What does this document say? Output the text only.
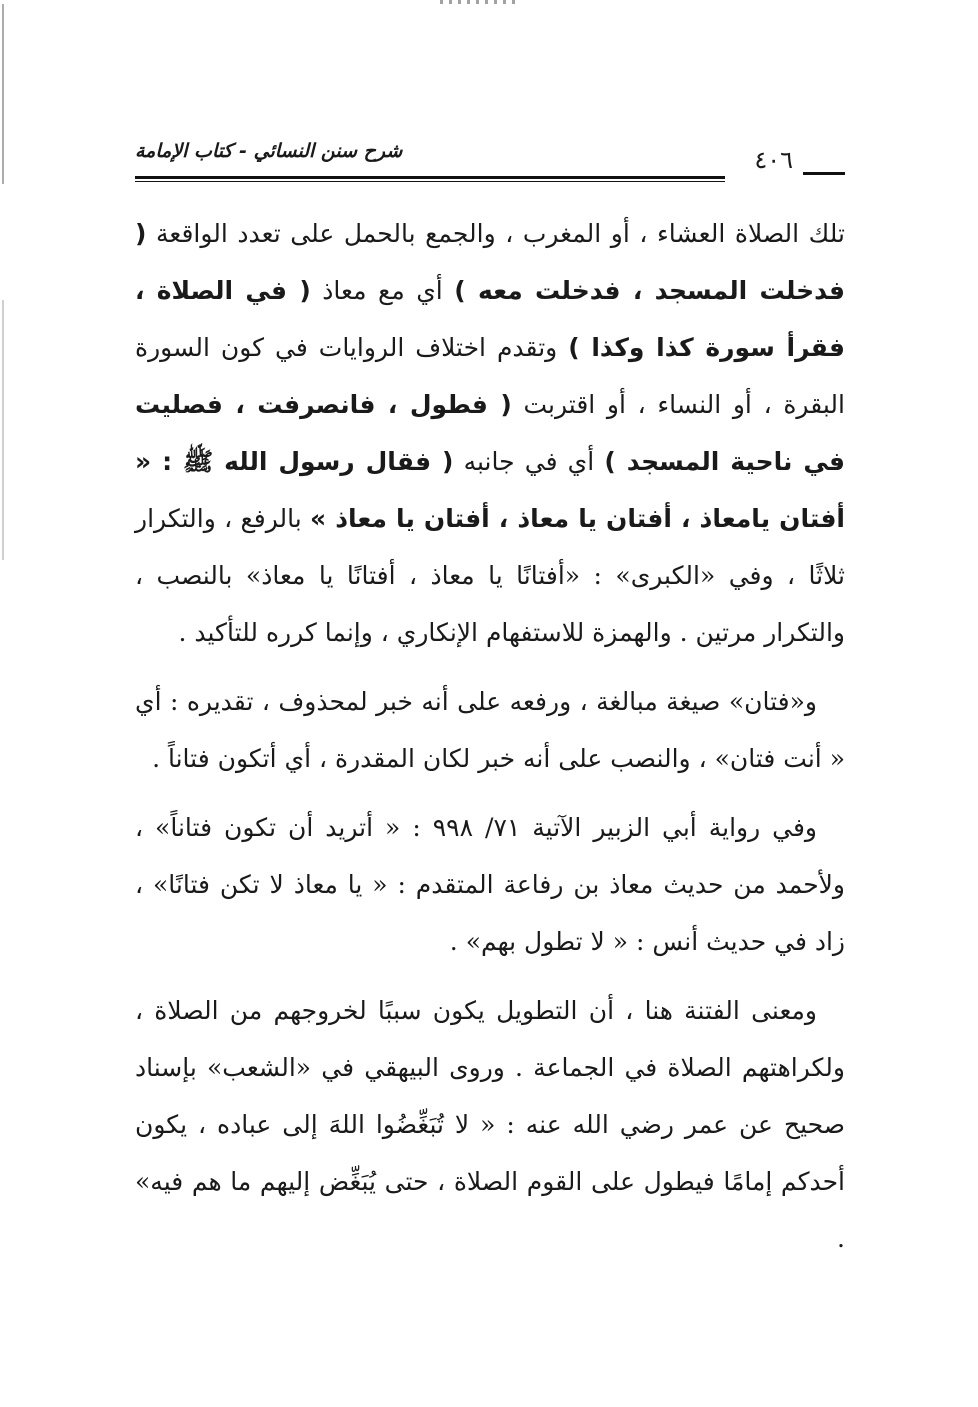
شرح سنن النسائي - كتاب الإمامة	٤٠٦

تلك الصلاة العشاء ، أو المغرب ، والجمع بالحمل على تعدد الواقعة ( فدخلت المسجد ، فدخلت معه ) أي مع معاذ ( في الصلاة ، فقرأ سورة كذا وكذا ) وتقدم اختلاف الروايات في كون السورة البقرة ، أو النساء ، أو اقتربت ( فطول ، فانصرفت ، فصليت في ناحية المسجد ) أي في جانبه ( فقال رسول الله ﷺ : « أفتان يامعاذ ، أفتان يا معاذ ، أفتان يا معاذ » بالرفع ، والتكرار ثلاثًا ، وفي «الكبرى» : «أفتانًا يا معاذ ، أفتانًا يا معاذ» بالنصب ، والتكرار مرتين . والهمزة للاستفهام الإنكاري ، وإنما كرره للتأكيد .

و«فتان» صيغة مبالغة ، ورفعه على أنه خبر لمحذوف ، تقديره : أي « أنت فتان» ، والنصب على أنه خبر لكان المقدرة ، أي أتكون فتاناً .

وفي رواية أبي الزبير الآتية ٧١/ ٩٩٨ : « أتريد أن تكون فتاناً» ، ولأحمد من حديث معاذ بن رفاعة المتقدم : « يا معاذ لا تكن فتانًا» ، زاد في حديث أنس : « لا تطول بهم» .

ومعنى الفتنة هنا ، أن التطويل يكون سببًا لخروجهم من الصلاة ، ولكراهتهم الصلاة في الجماعة . وروى البيهقي في «الشعب» بإسناد صحيح عن عمر رضي الله عنه : « لا تُبَغِّضُوا اللهَ إلى عباده ، يكون أحدكم إمامًا فيطول على القوم الصلاة ، حتى يُبَغِّض إليهم ما هم فيه» .
